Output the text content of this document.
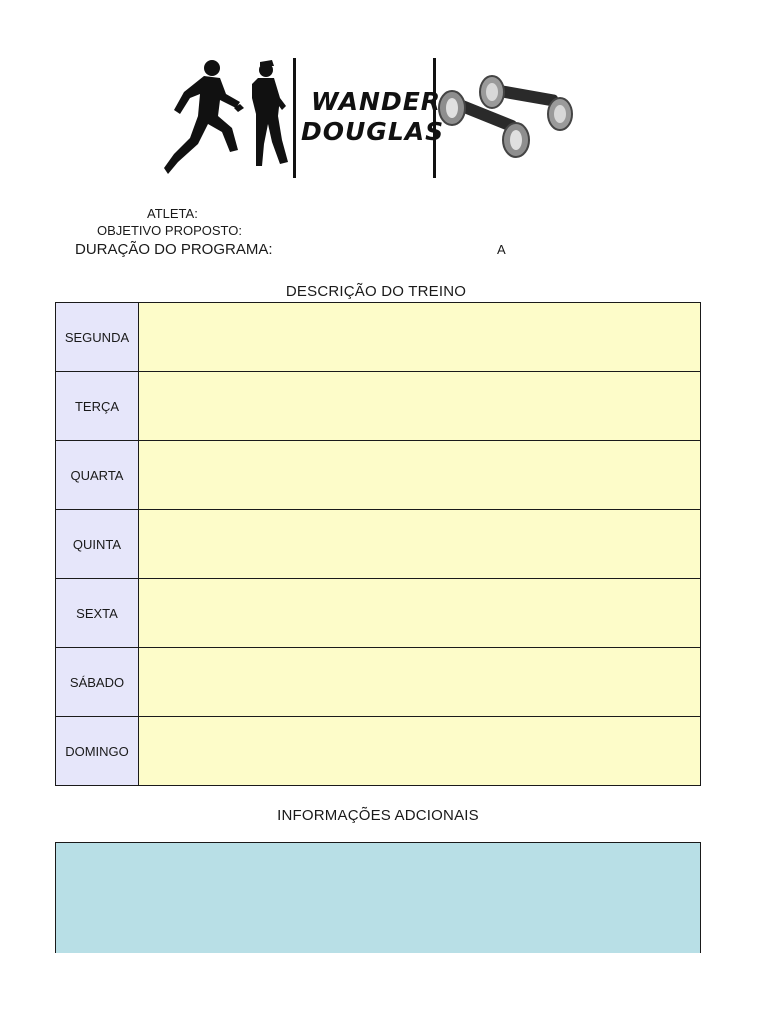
WANDER
DOUGLAS
ATLETA:
OBJETIVO PROPOSTO:
DURAÇÃO DO PROGRAMA:	A
DESCRIÇÃO DO TREINO
SEGUNDA	
TERÇA	
QUARTA	
QUINTA	
SEXTA	
SÁBADO	
DOMINGO	
INFORMAÇÕES ADCIONAIS
